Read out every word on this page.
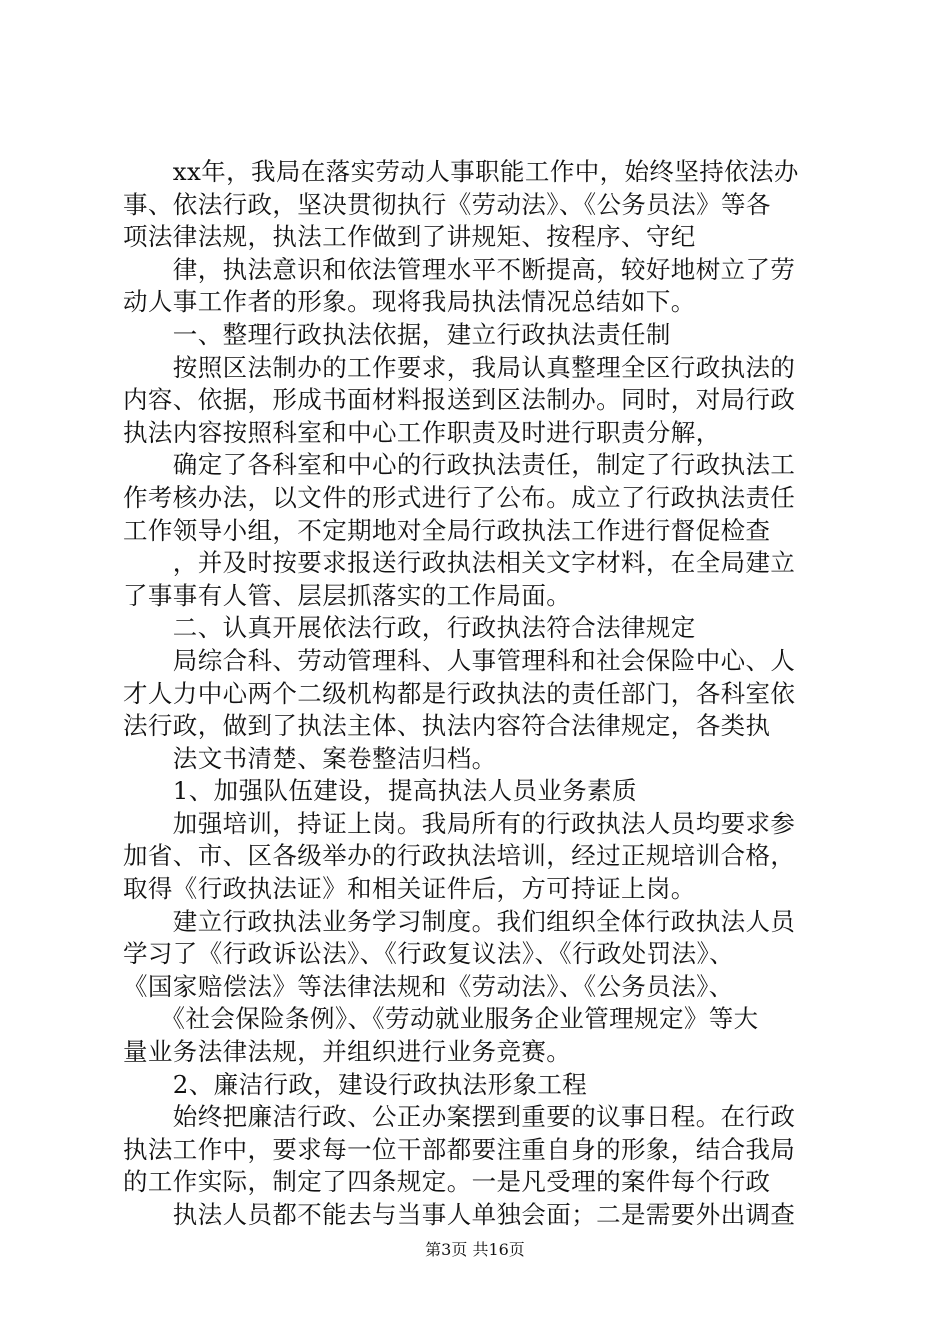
　　xx年，我局在落实劳动人事职能工作中，始终坚持依法办
事、依法行政，坚决贯彻执行《劳动法》、《公务员法》等各
项法律法规，执法工作做到了讲规矩、按程序、守纪
　　律，执法意识和依法管理水平不断提高，较好地树立了劳
动人事工作者的形象。现将我局执法情况总结如下。
　　一、整理行政执法依据，建立行政执法责任制
　　按照区法制办的工作要求，我局认真整理全区行政执法的
内容、依据，形成书面材料报送到区法制办。同时，对局行政
执法内容按照科室和中心工作职责及时进行职责分解，
　　确定了各科室和中心的行政执法责任，制定了行政执法工
作考核办法，以文件的形式进行了公布。成立了行政执法责任
工作领导小组，不定期地对全局行政执法工作进行督促检查
　　，并及时按要求报送行政执法相关文字材料，在全局建立
了事事有人管、层层抓落实的工作局面。
　　二、认真开展依法行政，行政执法符合法律规定
　　局综合科、劳动管理科、人事管理科和社会保险中心、人
才人力中心两个二级机构都是行政执法的责任部门，各科室依
法行政，做到了执法主体、执法内容符合法律规定，各类执
　　法文书清楚、案卷整洁归档。
　　1、加强队伍建设，提高执法人员业务素质
　　加强培训，持证上岗。我局所有的行政执法人员均要求参
加省、市、区各级举办的行政执法培训，经过正规培训合格，
取得《行政执法证》和相关证件后，方可持证上岗。
　　建立行政执法业务学习制度。我们组织全体行政执法人员
学习了《行政诉讼法》、《行政复议法》、《行政处罚法》、
《国家赔偿法》等法律法规和《劳动法》、《公务员法》、
　　《社会保险条例》、《劳动就业服务企业管理规定》等大
量业务法律法规，并组织进行业务竞赛。
　　2、廉洁行政，建设行政执法形象工程
　　始终把廉洁行政、公正办案摆到重要的议事日程。在行政
执法工作中，要求每一位干部都要注重自身的形象，结合我局
的工作实际，制定了四条规定。一是凡受理的案件每个行政
　　执法人员都不能去与当事人单独会面；二是需要外出调查
第3页 共16页
